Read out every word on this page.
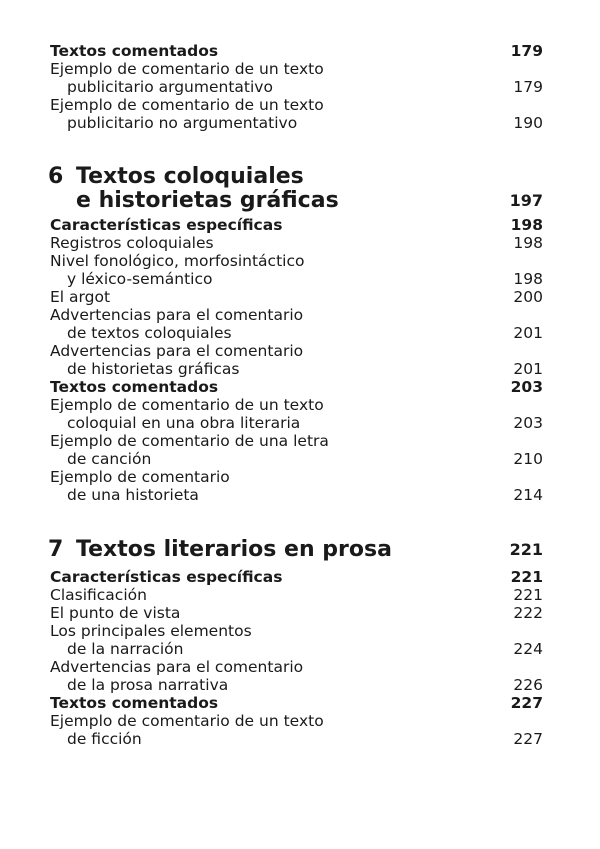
Textos comentados	179
Ejemplo de comentario de un texto
publicitario argumentativo	179
Ejemplo de comentario de un texto
publicitario no argumentativo	190
6 Textos coloquiales
e historietas gráficas	197
Características específicas	198
Registros coloquiales	198
Nivel fonológico, morfosintáctico
y léxico-semántico	198
El argot	200
Advertencias para el comentario
de textos coloquiales	201
Advertencias para el comentario
de historietas gráficas	201
Textos comentados	203
Ejemplo de comentario de un texto
coloquial en una obra literaria	203
Ejemplo de comentario de una letra
de canción	210
Ejemplo de comentario
de una historieta	214
7 Textos literarios en prosa	221
Características específicas	221
Clasificación	221
El punto de vista	222
Los principales elementos
de la narración	224
Advertencias para el comentario
de la prosa narrativa	226
Textos comentados	227
Ejemplo de comentario de un texto
de ficción	227
